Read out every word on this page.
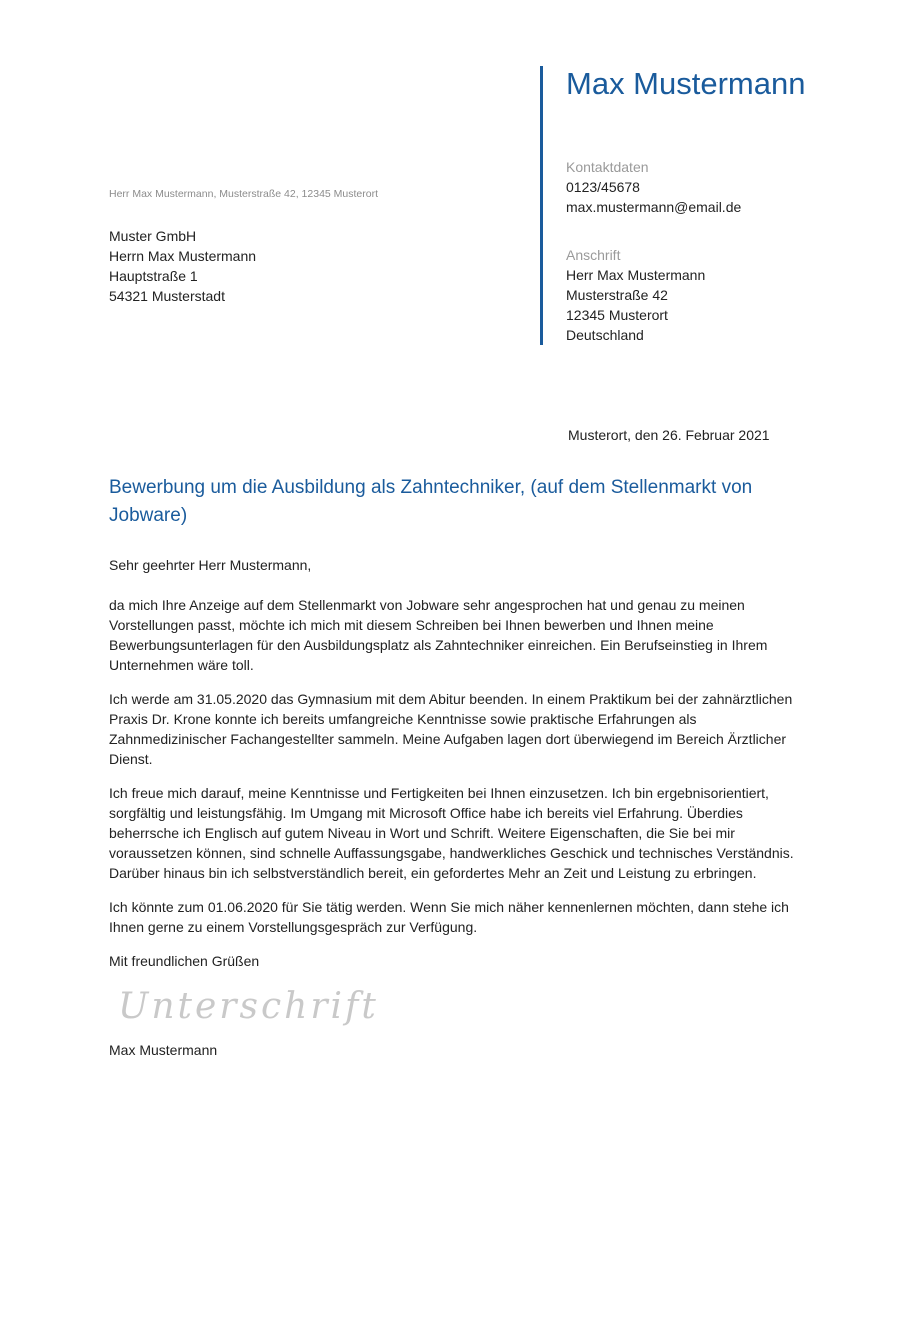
Max Mustermann
Kontaktdaten
0123/45678
max.mustermann@email.de
Anschrift
Herr Max Mustermann
Musterstraße 42
12345 Musterort
Deutschland
Herr Max Mustermann, Musterstraße 42, 12345 Musterort
Muster GmbH
Herrn Max Mustermann
Hauptstraße 1
54321 Musterstadt
Musterort, den 26. Februar 2021
Bewerbung um die Ausbildung als Zahntechniker, (auf dem Stellenmarkt von Jobware)
Sehr geehrter Herr Mustermann,

da mich Ihre Anzeige auf dem Stellenmarkt von Jobware sehr angesprochen hat und genau zu meinen Vorstellungen passt, möchte ich mich mit diesem Schreiben bei Ihnen bewerben und Ihnen meine Bewerbungsunterlagen für den Ausbildungsplatz als Zahntechniker einreichen. Ein Berufseinstieg in Ihrem Unternehmen wäre toll.

Ich werde am 31.05.2020 das Gymnasium mit dem Abitur beenden. In einem Praktikum bei der zahnärztlichen Praxis Dr. Krone konnte ich bereits umfangreiche Kenntnisse sowie praktische Erfahrungen als Zahnmedizinischer Fachangestellter sammeln. Meine Aufgaben lagen dort überwiegend im Bereich Ärztlicher Dienst.

Ich freue mich darauf, meine Kenntnisse und Fertigkeiten bei Ihnen einzusetzen. Ich bin ergebnisorientiert, sorgfältig und leistungsfähig. Im Umgang mit Microsoft Office habe ich bereits viel Erfahrung. Überdies beherrsche ich Englisch auf gutem Niveau in Wort und Schrift. Weitere Eigenschaften, die Sie bei mir voraussetzen können, sind schnelle Auffassungsgabe, handwerkliches Geschick und technisches Verständnis. Darüber hinaus bin ich selbstverständlich bereit, ein gefordertes Mehr an Zeit und Leistung zu erbringen.

Ich könnte zum 01.06.2020 für Sie tätig werden. Wenn Sie mich näher kennenlernen möchten, dann stehe ich Ihnen gerne zu einem Vorstellungsgespräch zur Verfügung.

Mit freundlichen Grüßen
Unterschrift
Max Mustermann
